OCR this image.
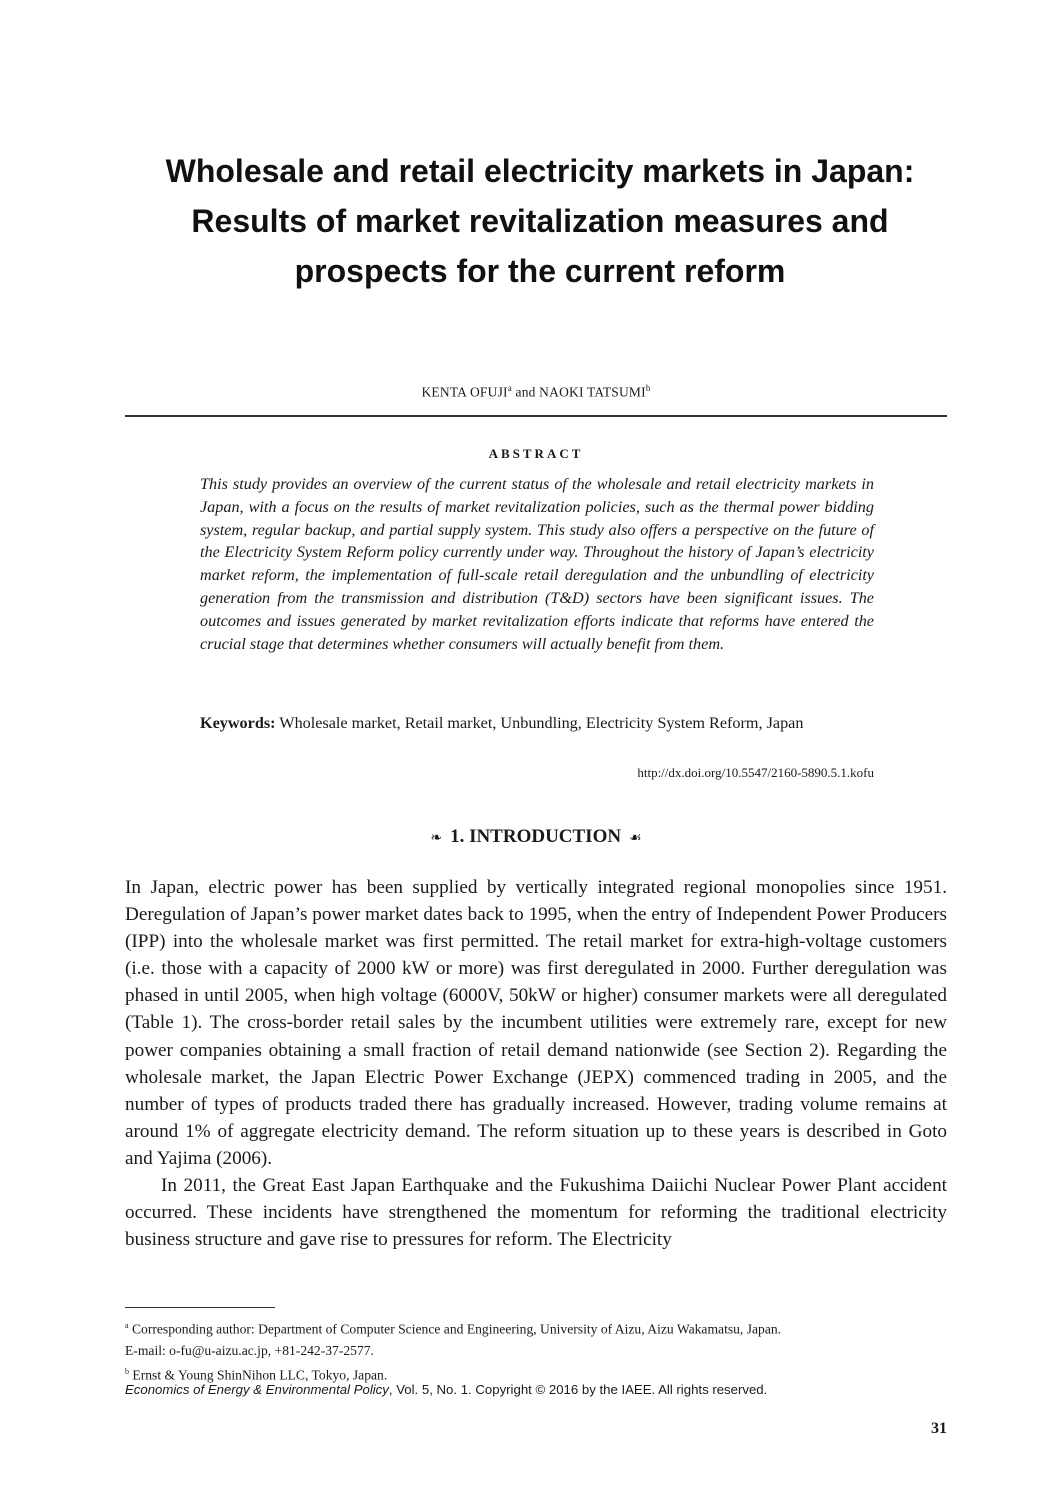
Wholesale and retail electricity markets in Japan: Results of market revitalization measures and prospects for the current reform
KENTA OFUJI$^a$ and NAOKI TATSUMI$^b$
ABSTRACT

This study provides an overview of the current status of the wholesale and retail electricity markets in Japan, with a focus on the results of market revitalization policies, such as the thermal power bidding system, regular backup, and partial supply system. This study also offers a perspective on the future of the Electricity System Reform policy currently under way. Throughout the history of Japan’s electricity market reform, the implementation of full-scale retail deregulation and the unbundling of electricity generation from the transmission and distribution (T&D) sectors have been significant issues. The outcomes and issues generated by market revitalization efforts indicate that reforms have entered the crucial stage that determines whether consumers will actually benefit from them.

Keywords: Wholesale market, Retail market, Unbundling, Electricity System Reform, Japan

http://dx.doi.org/10.5547/2160-5890.5.1.kofu
❧ 1. INTRODUCTION ☙

In Japan, electric power has been supplied by vertically integrated regional monopolies since 1951. Deregulation of Japan’s power market dates back to 1995, when the entry of Independent Power Producers (IPP) into the wholesale market was first permitted. The retail market for extra-high-voltage customers (i.e. those with a capacity of 2000 kW or more) was first deregulated in 2000. Further deregulation was phased in until 2005, when high voltage (6000V, 50kW or higher) consumer markets were all deregulated (Table 1). The cross-border retail sales by the incumbent utilities were extremely rare, except for new power companies obtaining a small fraction of retail demand nationwide (see Section 2). Regarding the wholesale market, the Japan Electric Power Exchange (JEPX) commenced trading in 2005, and the number of types of products traded there has gradually increased. However, trading volume remains at around 1% of aggregate electricity demand. The reform situation up to these years is described in Goto and Yajima (2006).

In 2011, the Great East Japan Earthquake and the Fukushima Daiichi Nuclear Power Plant accident occurred. These incidents have strengthened the momentum for reforming the traditional electricity business structure and gave rise to pressures for reform. The Electricity

$^a$ Corresponding author: Department of Computer Science and Engineering, University of Aizu, Aizu Wakamatsu, Japan.
E-mail: o-fu@u-aizu.ac.jp, +81-242-37-2577.
$^b$ Ernst & Young ShinNihon LLC, Tokyo, Japan.
Economics of Energy & Environmental Policy, Vol. 5, No. 1. Copyright © 2016 by the IAEE. All rights reserved.
31
